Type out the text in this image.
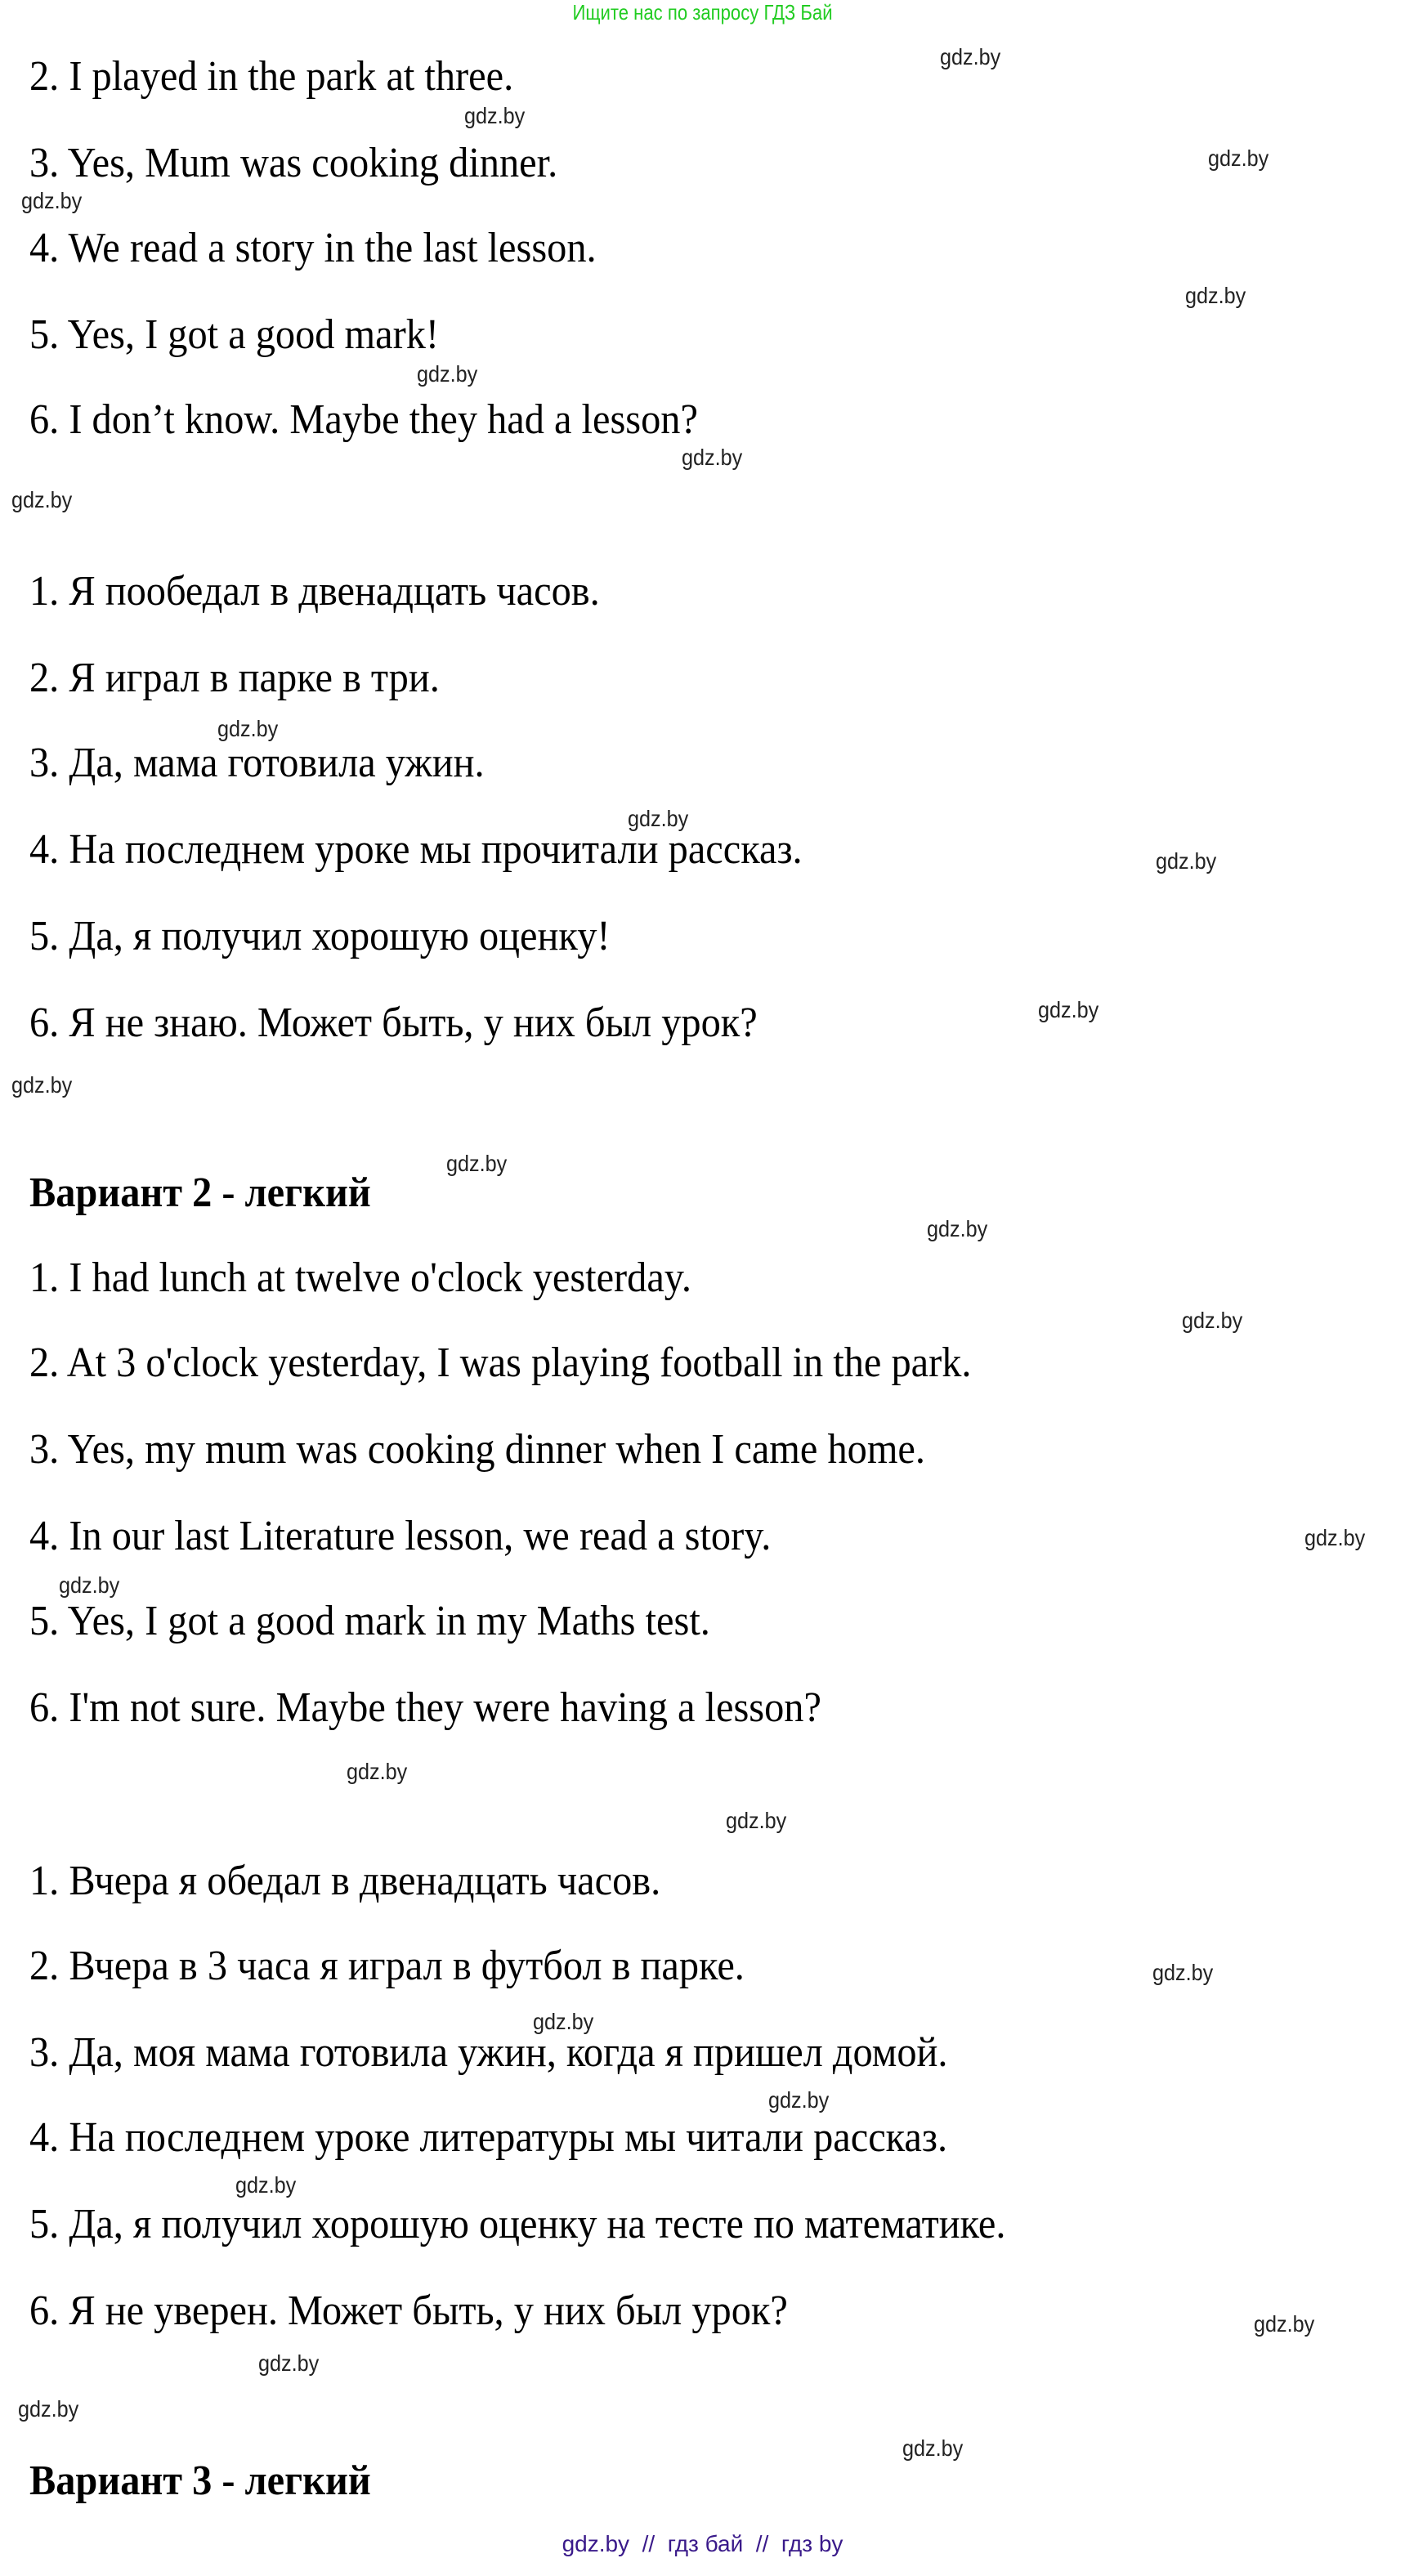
Ищите нас по запросу ГДЗ Бай
2. I played in the park at three.
3. Yes, Mum was cooking dinner.
4. We read a story in the last lesson.
5. Yes, I got a good mark!
6. I don’t know. Maybe they had a lesson?
1. Я пообедал в двенадцать часов.
2. Я играл в парке в три.
3. Да, мама готовила ужин.
4. На последнем уроке мы прочитали рассказ.
5. Да, я получил хорошую оценку!
6. Я не знаю. Может быть, у них был урок?
Вариант 2 - легкий
1. I had lunch at twelve o'clock yesterday.
2. At 3 o'clock yesterday, I was playing football in the park.
3. Yes, my mum was cooking dinner when I came home.
4. In our last Literature lesson, we read a story.
5. Yes, I got a good mark in my Maths test.
6. I'm not sure. Maybe they were having a lesson?
1. Вчера я обедал в двенадцать часов.
2. Вчера в 3 часа я играл в футбол в парке.
3. Да, моя мама готовила ужин, когда я пришел домой.
4. На последнем уроке литературы мы читали рассказ.
5. Да, я получил хорошую оценку на тесте по математике.
6. Я не уверен. Может быть, у них был урок?
Вариант 3 - легкий
gdz.by
gdz.by
gdz.by
gdz.by
gdz.by
gdz.by
gdz.by
gdz.by
gdz.by
gdz.by
gdz.by
gdz.by
gdz.by
gdz.by
gdz.by
gdz.by
gdz.by
gdz.by
gdz.by
gdz.by
gdz.by
gdz.by
gdz.by
gdz.by
gdz.by
gdz.by
gdz.by
gdz.by
gdz.by  //  гдз бай  //  гдз by
